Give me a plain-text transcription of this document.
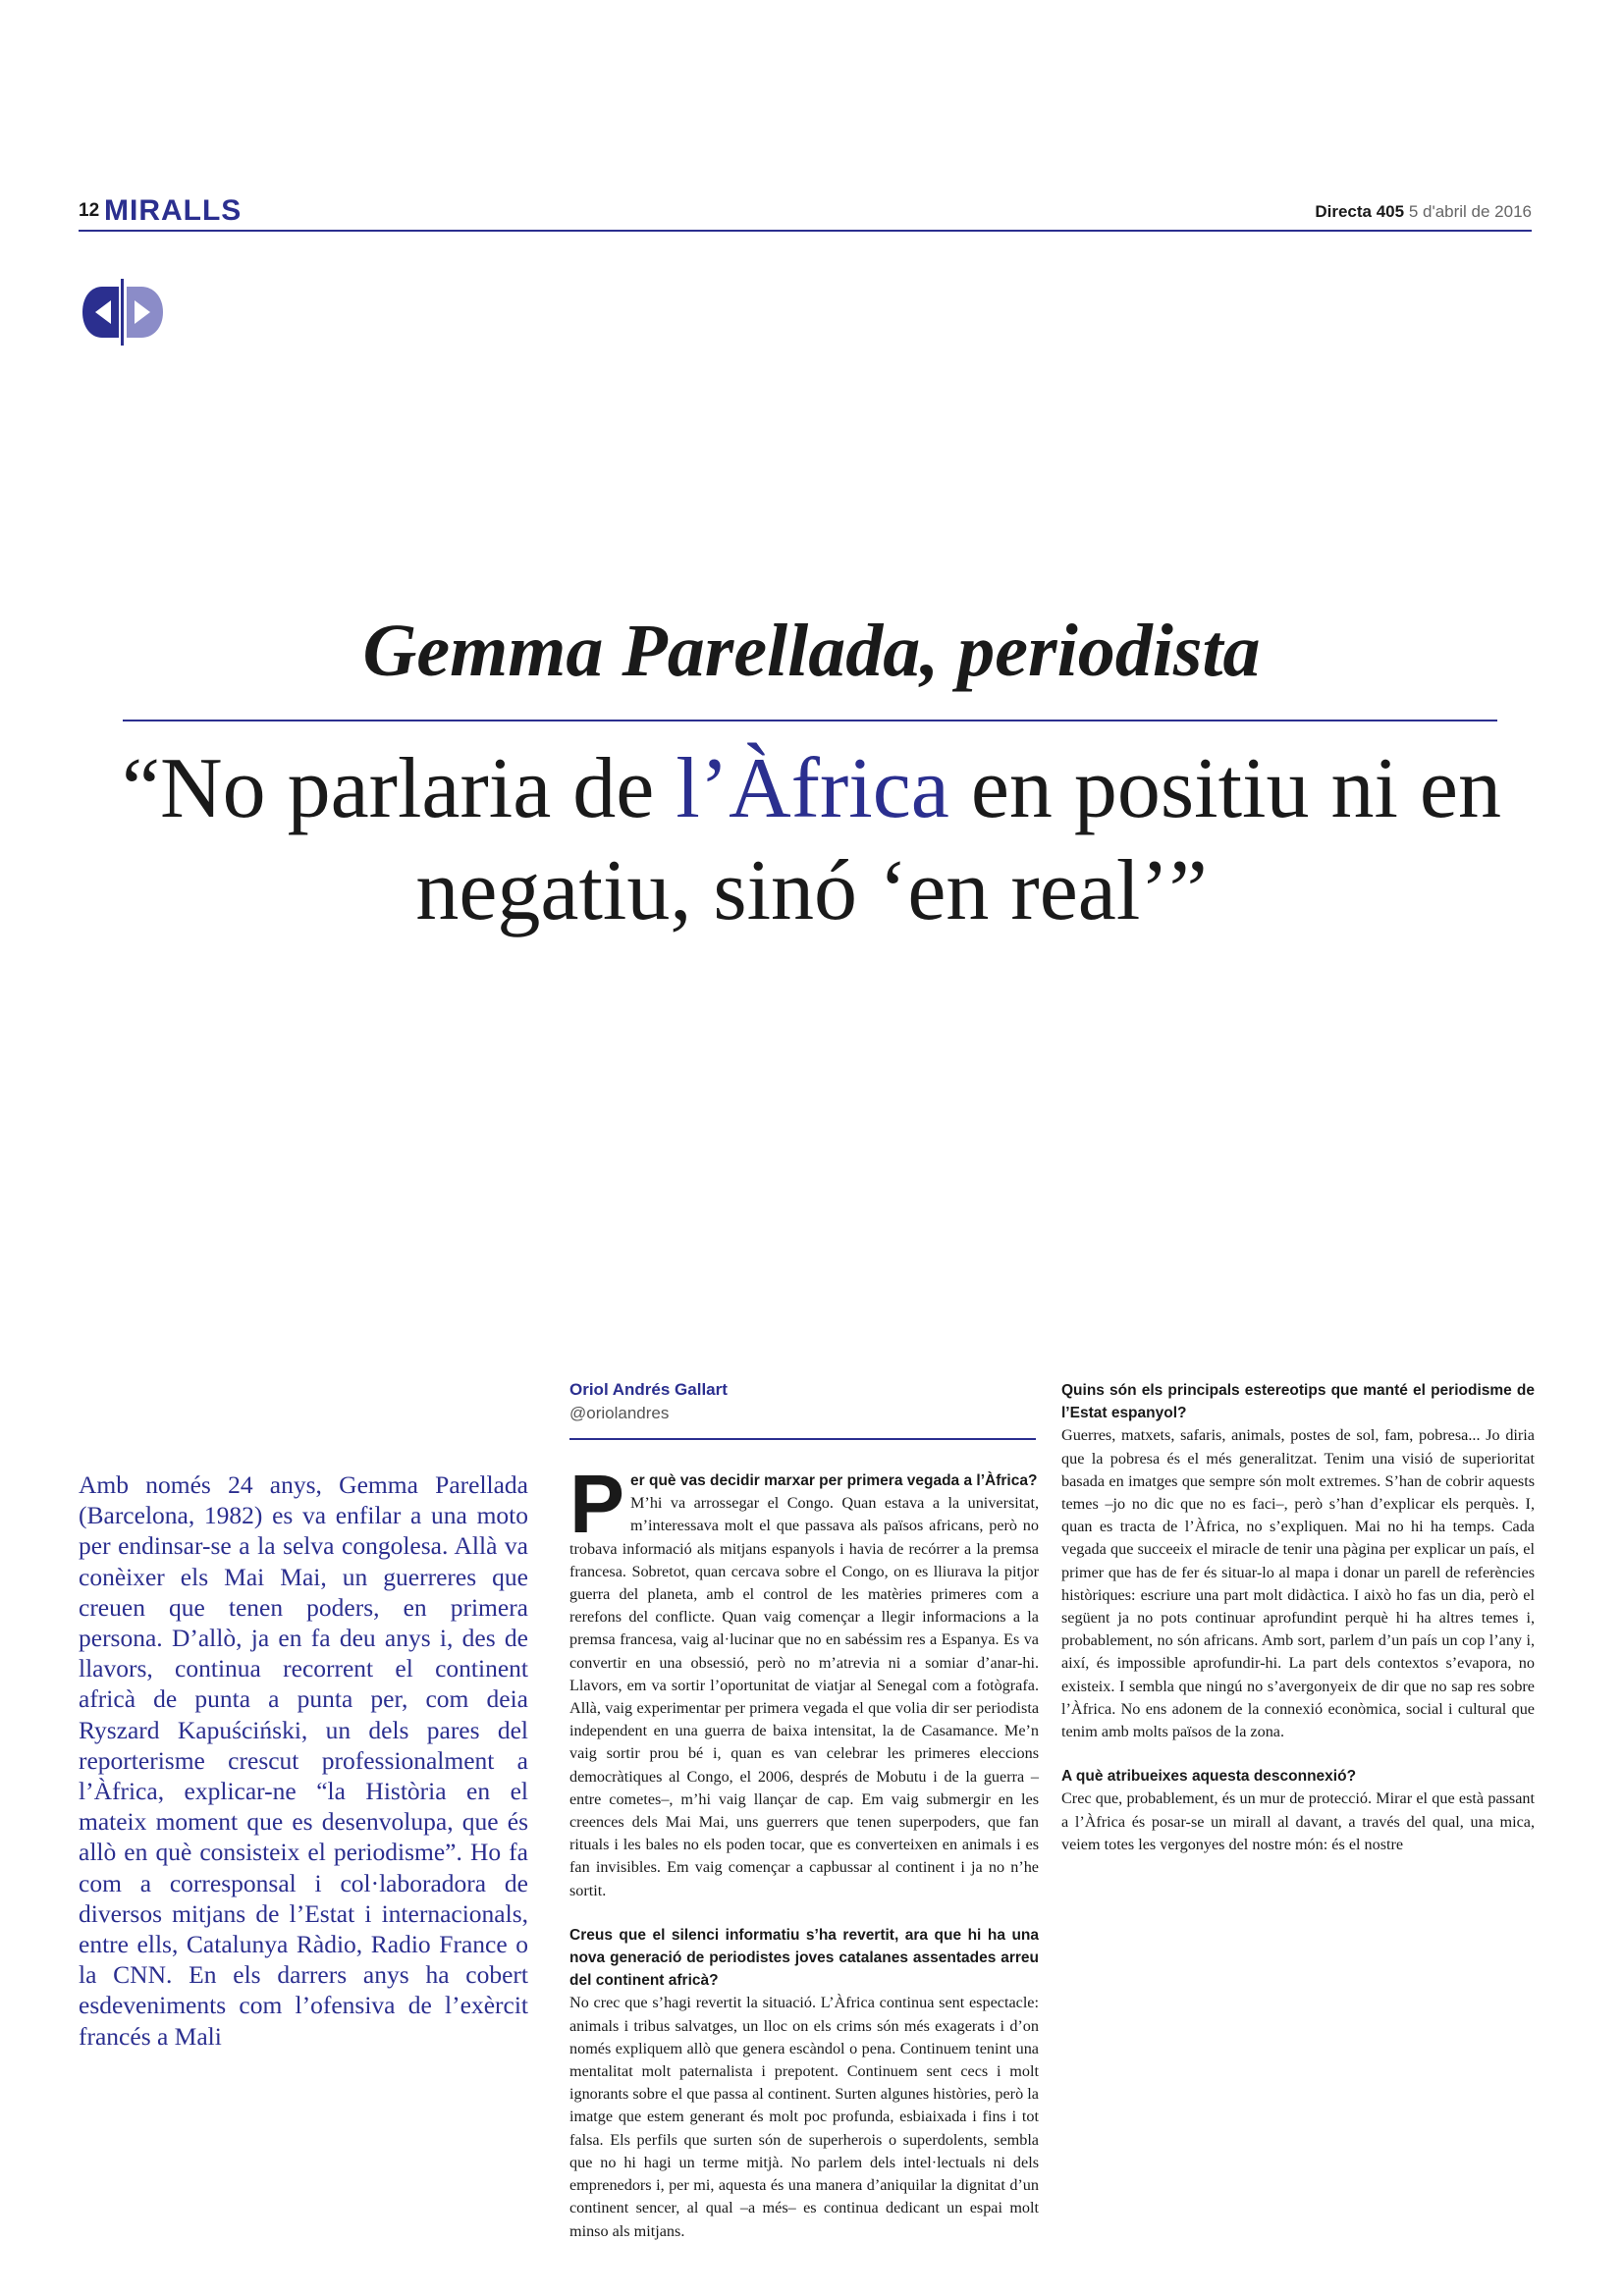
12 MIRALLS	Directa 405 5 d'abril de 2016
Gemma Parellada, periodista
“No parlaria de l’Àfrica en positiu ni en negatiu, sinó ‘en real’”
Amb només 24 anys, Gemma Parellada (Barcelona, 1982) es va enfilar a una moto per endinsar-se a la selva congolesa. Allà va conèixer els Mai Mai, un guerreres que creuen que tenen poders, en primera persona. D’allò, ja en fa deu anys i, des de llavors, continua recorrent el continent africà de punta a punta per, com deia Ryszard Kapuściński, un dels pares del reporterisme crescut professionalment a l’Àfrica, explicar-ne “la Història en el mateix moment que es desenvolupa, que és allò en què consisteix el periodisme”. Ho fa com a corresponsal i col·laboradora de diversos mitjans de l’Estat i internacionals, entre ells, Catalunya Ràdio, Radio France o la CNN. En els darrers anys ha cobert esdeveniments com l’ofensiva de l’exèrcit francés a Mali
Oriol Andrés Gallart
@oriolandres

P er què vas decidir marxar per primera vegada a l’Àfrica?
M’hi va arrossegar el Congo. Quan estava a la universitat, m’interessava molt el que passava als països africans, però no trobava informació als mitjans espanyols i havia de recórrer a la premsa francesa. Sobretot, quan cercava sobre el Congo, on es lliurava la pitjor guerra del planeta, amb el control de les matèries primeres com a rerefons del conflicte. Quan vaig començar a llegir informacions a la premsa francesa, vaig al·lucinar que no en sabéssim res a Espanya. Es va convertir en una obsessió, però no m’atrevia ni a somiar d’anar-hi. Llavors, em va sortir l’oportunitat de viatjar al Senegal com a fotògrafa. Allà, vaig experimentar per primera vegada el que volia dir ser periodista independent en una guerra de baixa intensitat, la de Casamance. Me’n vaig sortir prou bé i, quan es van celebrar les primeres eleccions democràtiques al Congo, el 2006, després de Mobutu i de la guerra –entre cometes–, m’hi vaig llançar de cap. Em vaig submergir en les creences dels Mai Mai, uns guerrers que tenen superpoders, que fan rituals i les bales no els poden tocar, que es converteixen en animals i es fan invisibles. Em vaig començar a capbussar al continent i ja no n’he sortit.

Creus que el silenci informatiu s’ha revertit, ara que hi ha una nova generació de periodistes joves catalanes assentades arreu del continent africà?
No crec que s’hagi revertit la situació. L’Àfrica continua sent espectacle: animals i tribus salvatges, un lloc on els crims són més exagerats i d’on només expliquem allò que genera escàndol o pena. Continuem tenint una mentalitat molt paternalista i prepotent. Continuem sent cecs i molt ignorants sobre el que passa al continent. Surten algunes històries, però la imatge que estem generant és molt poc profunda, esbiaixada i fins i tot falsa. Els perfils que surten són de superherois o superdolents, sembla que no hi hagi un terme mitjà. No parlem dels intel·lectuals ni dels emprenedors i, per mi, aquesta és una manera d’aniquilar la dignitat d’un continent sencer, al qual –a més– es continua dedicant un espai molt minso als mitjans.

Quins són els principals estereotips que manté el periodisme de l’Estat espanyol?
Guerres, matxets, safaris, animals, postes de sol, fam, pobresa... Jo diria que la pobresa és el més generalitzat. Tenim una visió de superioritat basada en imatges que sempre són molt extremes. S’han de cobrir aquests temes –jo no dic que no es faci–, però s’han d’explicar els perquès. I, quan es tracta de l’Àfrica, no s’expliquen. Mai no hi ha temps. Cada vegada que succeeix el miracle de tenir una pàgina per explicar un país, el primer que has de fer és situar-lo al mapa i donar un parell de referències històriques: escriure una part molt didàctica. I això ho fas un dia, però el següent ja no pots continuar aprofundint perquè hi ha altres temes i, probablement, no són africans. Amb sort, parlem d’un país un cop l’any i, així, és impossible aprofundir-hi. La part dels contextos s’evapora, no existeix. I sembla que ningú no s’avergonyeix de dir que no sap res sobre l’Àfrica. No ens adonem de la connexió econòmica, social i cultural que tenim amb molts països de la zona.

A què atribueixes aquesta desconnexió?
Crec que, probablement, és un mur de protecció. Mirar el que està passant a l’Àfrica és posar-se un mirall al davant, a través del qual, una mica, veiem totes les vergonyes del nostre món: és el nostre
